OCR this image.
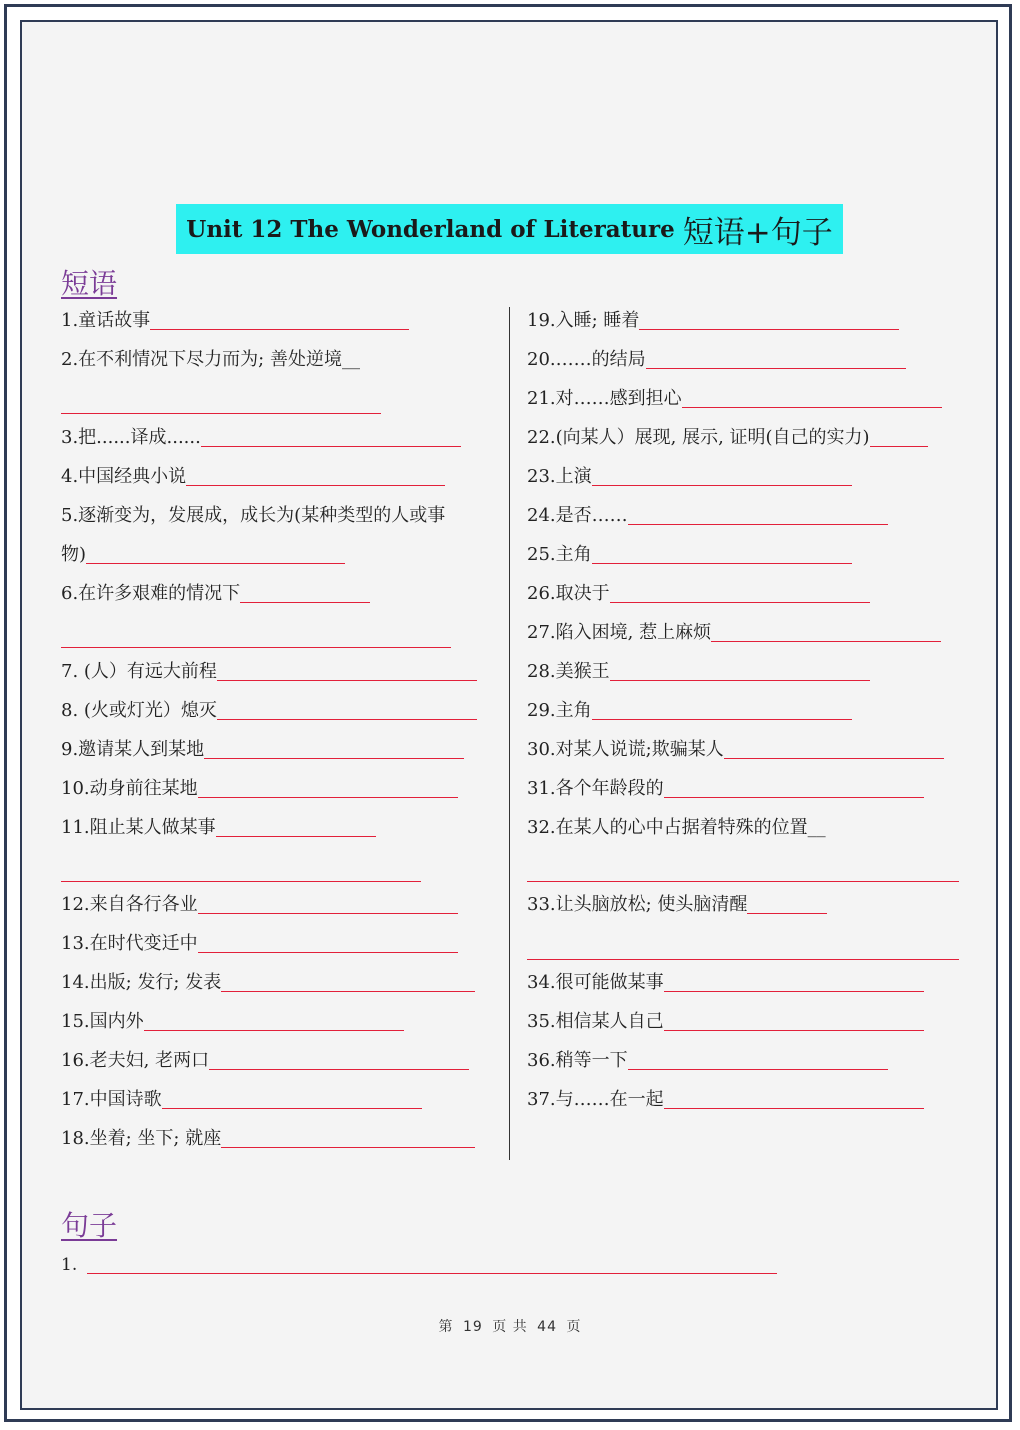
Unit 12 The Wonderland of Literature 短语+句子
短语
1.童话故事
2.在不利情况下尽力而为; 善处逆境__
3.把......译成......
4.中国经典小说
5.逐渐变为，发展成，成长为(某种类型的人或事
物)
6.在许多艰难的情况下
7. (人）有远大前程
8. (火或灯光）熄灭
9.邀请某人到某地
10.动身前往某地
11.阻止某人做某事
12.来自各行各业
13.在时代变迁中
14.出版; 发行; 发表
15.国内外
16.老夫妇, 老两口
17.中国诗歌
18.坐着; 坐下; 就座
19.入睡; 睡着
20.……的结局
21.对……感到担心
22.(向某人）展现, 展示, 证明(自己的实力)
23.上演
24.是否……
25.主角
26.取决于
27.陷入困境, 惹上麻烦
28.美猴王
29.主角
30.对某人说谎;欺骗某人
31.各个年龄段的
32.在某人的心中占据着特殊的位置__
33.让头脑放松; 使头脑清醒
34.很可能做某事
35.相信某人自己
36.稍等一下
37.与……在一起
句子
1.
第 19 页 共 44 页
